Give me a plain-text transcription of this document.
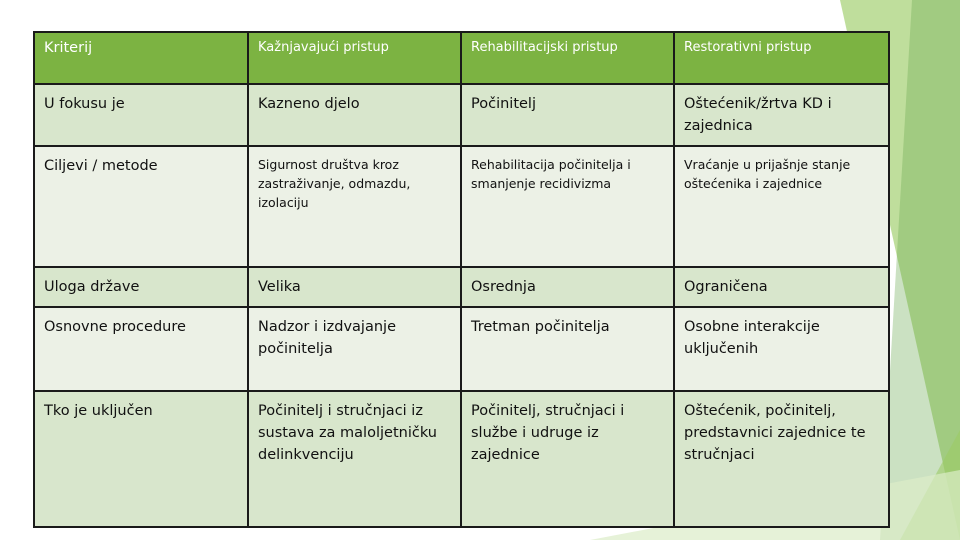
Kriterij	Kažnjavajući pristup	Rehabilitacijski pristup	Restorativni pristup
U fokusu je	Kazneno djelo	Počinitelj	Oštećenik/žrtva KD i zajednica
Ciljevi / metode	Sigurnost društva kroz zastraživanje, odmazdu, izolaciju	Rehabilitacija počinitelja i smanjenje recidivizma	Vraćanje u prijašnje stanje oštećenika i zajednice
Uloga države	Velika	Osrednja	Ograničena
Osnovne procedure	Nadzor i izdvajanje počinitelja	Tretman počinitelja	Osobne interakcije uključenih
Tko je uključen	Počinitelj i stručnjaci iz sustava za maloljetničku delinkvenciju	Počinitelj, stručnjaci i službe i udruge iz zajednice	Oštećenik, počinitelj, predstavnici zajednice te stručnjaci
